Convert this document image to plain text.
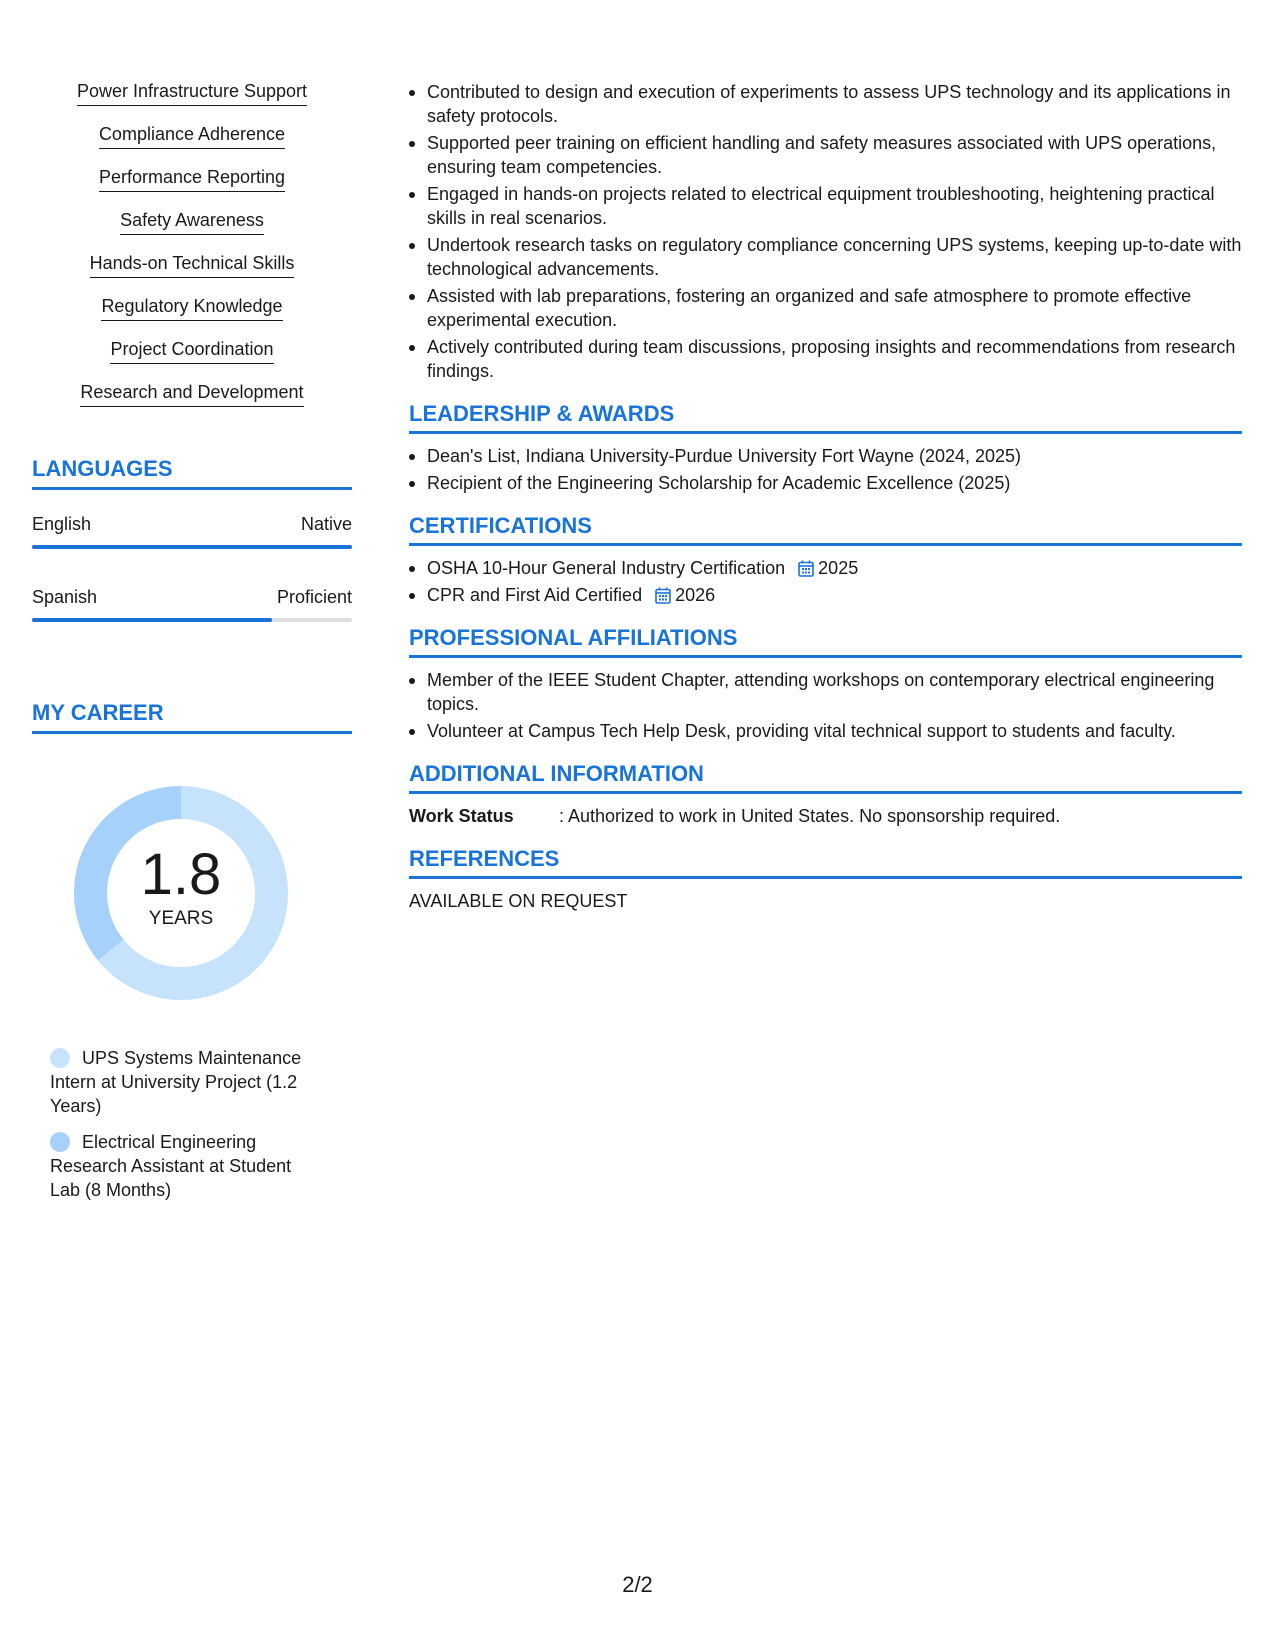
Power Infrastructure Support
Compliance Adherence
Performance Reporting
Safety Awareness
Hands-on Technical Skills
Regulatory Knowledge
Project Coordination
Research and Development
LANGUAGES
English	Native
Spanish	Proficient
MY CAREER
1.8
YEARS
UPS Systems Maintenance Intern at University Project (1.2 Years)
Electrical Engineering Research Assistant at Student Lab (8 Months)
Contributed to design and execution of experiments to assess UPS technology and its applications in safety protocols.
Supported peer training on efficient handling and safety measures associated with UPS operations, ensuring team competencies.
Engaged in hands-on projects related to electrical equipment troubleshooting, heightening practical skills in real scenarios.
Undertook research tasks on regulatory compliance concerning UPS systems, keeping up-to-date with technological advancements.
Assisted with lab preparations, fostering an organized and safe atmosphere to promote effective experimental execution.
Actively contributed during team discussions, proposing insights and recommendations from research findings.
LEADERSHIP & AWARDS
Dean's List, Indiana University-Purdue University Fort Wayne (2024, 2025)
Recipient of the Engineering Scholarship for Academic Excellence (2025)
CERTIFICATIONS
OSHA 10-Hour General Industry Certification 2025
CPR and First Aid Certified 2026
PROFESSIONAL AFFILIATIONS
Member of the IEEE Student Chapter, attending workshops on contemporary electrical engineering topics.
Volunteer at Campus Tech Help Desk, providing vital technical support to students and faculty.
ADDITIONAL INFORMATION
Work Status	: Authorized to work in United States. No sponsorship required.
REFERENCES
AVAILABLE ON REQUEST
2/2
